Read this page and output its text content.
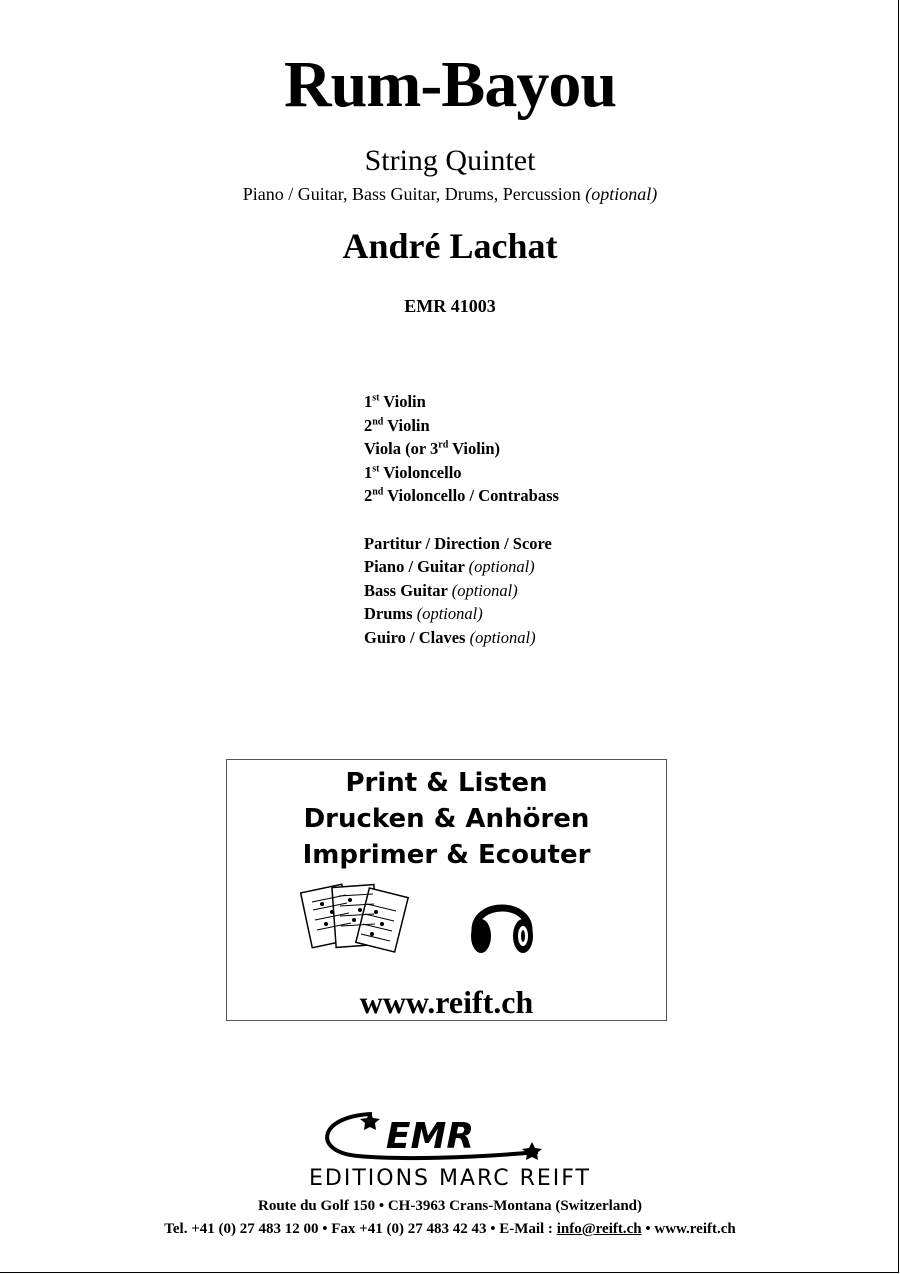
Rum-Bayou
String Quintet
Piano / Guitar, Bass Guitar, Drums, Percussion (optional)
André Lachat
EMR 41003
1st Violin
2nd Violin
Viola (or 3rd Violin)
1st Violoncello
2nd Violoncello / Contrabass
Partitur / Direction / Score
Piano / Guitar (optional)
Bass Guitar (optional)
Drums (optional)
Guiro / Claves (optional)
Print & Listen
Drucken & Anhören
Imprimer & Ecouter
www.reift.ch
EMR
EDITIONS MARC REIFT
Route du Golf 150 • CH-3963 Crans-Montana (Switzerland)
Tel. +41 (0) 27 483 12 00 • Fax +41 (0) 27 483 42 43 • E-Mail : info@reift.ch • www.reift.ch
